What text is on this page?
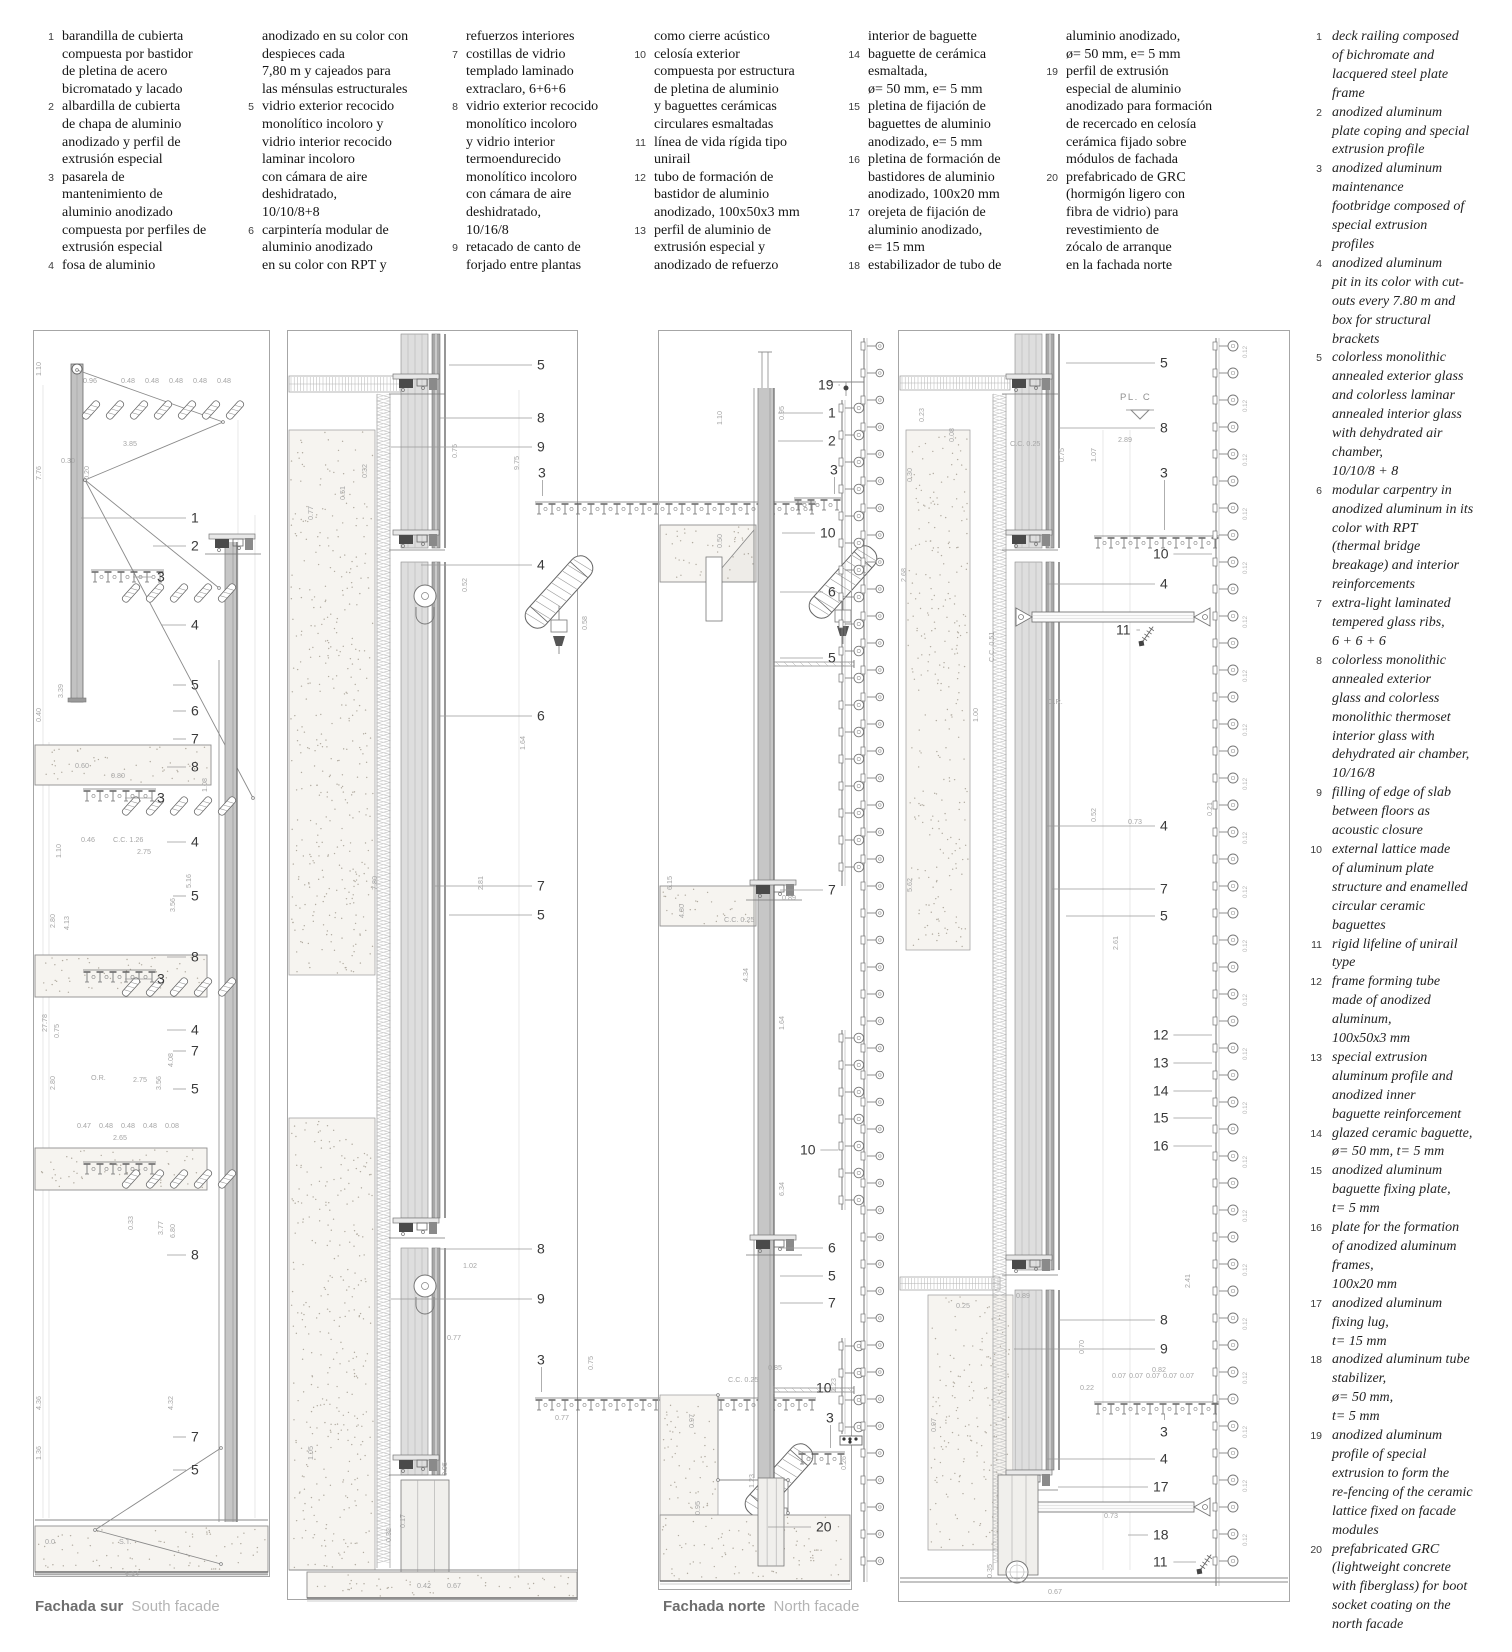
1 barandilla de cubierta
compuesta por bastidor
de pletina de acero
bicromatado y lacado
2 albardilla de cubierta
de chapa de aluminio
anodizado y perfil de
extrusión especial
3 pasarela de
mantenimiento de
aluminio anodizado
compuesta por perfiles de
extrusión especial
4 fosa de aluminio
anodizado en su color con
despieces cada
7,80 m y cajeados para
las ménsulas estructurales
5 vidrio exterior recocido
monolítico incoloro y
vidrio interior recocido
laminar incoloro
con cámara de aire
deshidratado,
10/10/8+8
6 carpintería modular de
aluminio anodizado
en su color con RPT y
refuerzos interiores
7 costillas de vidrio
templado laminado
extraclaro, 6+6+6
8 vidrio exterior recocido
monolítico incoloro
y vidrio interior
termoendurecido
monolítico incoloro
con cámara de aire
deshidratado,
10/16/8
9 retacado de canto de
forjado entre plantas
como cierre acústico
10 celosía exterior
compuesta por estructura
de pletina de aluminio
y baguettes cerámicas
circulares esmaltadas
11 línea de vida rígida tipo
unirail
12 tubo de formación de
bastidor de aluminio
anodizado, 100x50x3 mm
13 perfil de aluminio de
extrusión especial y
anodizado de refuerzo
interior de baguette
14 baguette de cerámica
esmaltada,
ø= 50 mm, e= 5 mm
15 pletina de fijación de
baguettes de aluminio
anodizado, e= 5 mm
16 pletina de formación de
bastidores de aluminio
anodizado, 100x20 mm
17 orejeta de fijación de
aluminio anodizado,
e= 15 mm
18 estabilizador de tubo de
aluminio anodizado,
ø= 50 mm, e= 5 mm
19 perfil de extrusión
especial de aluminio
anodizado para formación
de recercado en celosía
cerámica fijado sobre
módulos de fachada
20 prefabricado de GRC
(hormigón ligero con
fibra de vidrio) para
revestimiento de
zócalo de arranque
en la fachada norte
1 deck railing composed
of bichromate and
lacquered steel plate
frame
2 anodized aluminum
plate coping and special
extrusion profile
3 anodized aluminum
maintenance
footbridge composed of
special extrusion
profiles
4 anodized aluminum
pit in its color with cut-
outs every 7.80 m and
box for structural
brackets
5 colorless monolithic
annealed exterior glass
and colorless laminar
annealed interior glass
with dehydrated air
chamber,
10/10/8 + 8
6 modular carpentry in
anodized aluminum in its
color with RPT
(thermal bridge
breakage) and interior
reinforcements
7 extra-light laminated
tempered glass ribs,
6 + 6 + 6
8 colorless monolithic
annealed exterior
glass and colorless
monolithic thermoset
interior glass with
dehydrated air chamber,
10/16/8
9 filling of edge of slab
between floors as
acoustic closure
10 external lattice made
of aluminum plate
structure and enamelled
circular ceramic
baguettes
11 rigid lifeline of unirail
type
12 frame forming tube
made of anodized
aluminum,
100x50x3 mm
13 special extrusion
aluminum profile and
anodized inner
baguette reinforcement
14 glazed ceramic baguette,
ø= 50 mm, t= 5 mm
15 anodized aluminum
baguette fixing plate,
t= 5 mm
16 plate for the formation
of anodized aluminum
frames,
100x20 mm
17 anodized aluminum
fixing lug,
t= 15 mm
18 anodized aluminum tube
stabilizer,
ø= 50 mm,
t= 5 mm
19 anodized aluminum
profile of special
extrusion to form the
re-fencing of the ceramic
lattice fixed on facade
modules
20 prefabricated GRC
(lightweight concrete
with fiberglass) for boot
socket coating on the
north facade
1.10
0.96	0.48 0.48 0.48 0.48 0.48
3.85
0.30
0.20
7.76
0.40
0.60
3.39
1.10
0.80
1.08
0.46	C.C. 1.26
2.75
4.13
2.80
3.56
5.16
27.78 0.75
0.47 0.48 0.48 0.48 0.08
2.65
O.R.	2.75
4.08
2.80	3.56
3.77 6.80
0.33
4.36	4.32
1.36
S.T.
0.0
6.14
1
2
3
4
5
6
7
8
3
4
5
8
3
4
7
5
8
7
5
0.77
0.32
0.51
0.75
9.75
0.52
0.58
1.64
2.81
7.80
1.02
0.77
1.05
0.17
0.32
0.95
0.67
0.42
0.75
0.77
5
8
9
3
4
6
7
5
8
9
3
1.10	0.95
0.50
C.C. 0.25
0.89
6.15
4.80
4.34
1.64
6.34
1.23
0.26
0.97
0.95
1.23
0.85
C.C. 0.25
19
1
2
3
10
6
5
7
10
6
5
7
10
3
20
0.12
0.12
0.12
0.12
0.12
0.12
0.12
0.12
0.12
0.12
0.12
0.12
0.12
0.12
0.12
0.12
0.12
0.12
0.12
0.12
0.12
0.12
0.12
0.23
0.08
0.30
2.68
5.62
1.00
C.C. 0.25
C.C. 0.51
2.89
1.07
0.75
O.R.
PL. C
0.73
0.52	0.21
2.41
0.82
0.22
0.07 0.07 0.07 0.07 0.07
0.70
0.73
0.89
0.25
0.67
0.35
0.97
2.61
5
8
3
10
4
11
4
7
5
12
13
14
15
16
8
9
3
4
17
18
11
Fachada sur South facade	Fachada norte North facade
